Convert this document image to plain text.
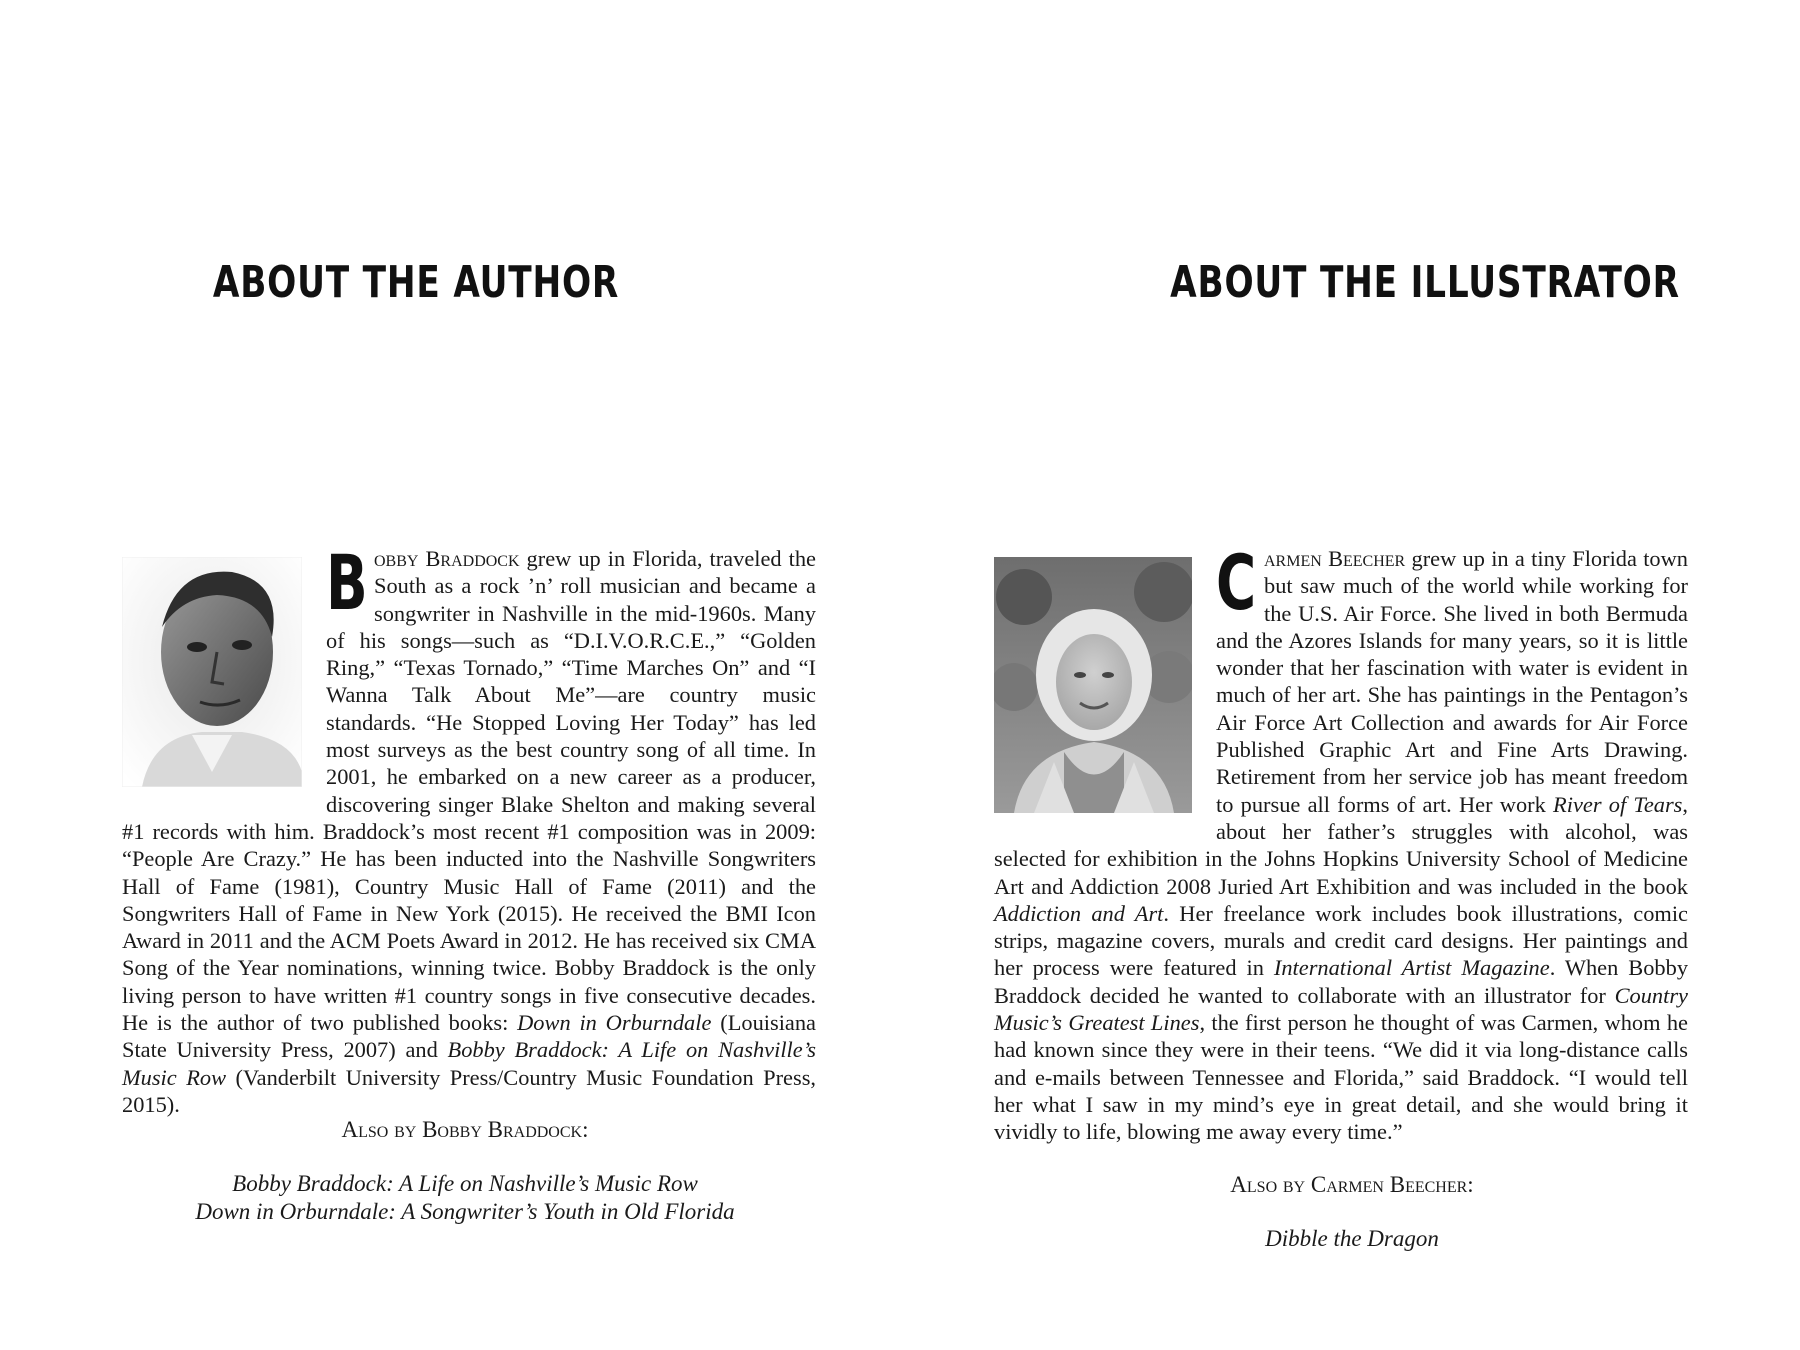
ABOUT THE AUTHOR

Bobby Braddock grew up in Florida, traveled the South as a rock ’n’ roll musician and became a songwriter in Nashville in the mid-1960s. Many of his songs—such as “D.I.V.O.R.C.E.,” “Golden Ring,” “Texas Tornado,” “Time Marches On” and “I Wanna Talk About Me”—are country music standards. “He Stopped Loving Her Today” has led most surveys as the best country song of all time. In 2001, he embarked on a new career as a producer, discovering singer Blake Shelton and making several #1 records with him. Braddock’s most recent #1 composition was in 2009: “People Are Crazy.” He has been inducted into the Nashville Songwriters Hall of Fame (1981), Country Music Hall of Fame (2011) and the Songwriters Hall of Fame in New York (2015). He received the BMI Icon Award in 2011 and the ACM Poets Award in 2012. He has received six CMA Song of the Year nominations, winning twice. Bobby Braddock is the only living person to have written #1 country songs in five consecutive decades. He is the author of two published books: Down in Orburndale (Louisiana State University Press, 2007) and Bobby Braddock: A Life on Nashville’s Music Row (Vanderbilt University Press/Country Music Foundation Press, 2015).

Also by Bobby Braddock:
Bobby Braddock: A Life on Nashville’s Music Row
Down in Orburndale: A Songwriter’s Youth in Old Florida
ABOUT THE ILLUSTRATOR

Carmen Beecher grew up in a tiny Florida town but saw much of the world while working for the U.S. Air Force. She lived in both Bermuda and the Azores Islands for many years, so it is little wonder that her fascination with water is evident in much of her art. She has paintings in the Pentagon’s Air Force Art Collection and awards for Air Force Published Graphic Art and Fine Arts Drawing. Retirement from her service job has meant freedom to pursue all forms of art. Her work River of Tears, about her father’s struggles with alcohol, was selected for exhibition in the Johns Hopkins University School of Medicine Art and Addiction 2008 Juried Art Exhibition and was included in the book Addiction and Art. Her freelance work includes book illustrations, comic strips, magazine covers, murals and credit card designs. Her paintings and her process were featured in International Artist Magazine. When Bobby Braddock decided he wanted to collaborate with an illustrator for Country Music’s Greatest Lines, the first person he thought of was Carmen, whom he had known since they were in their teens. “We did it via long-distance calls and e-mails between Tennessee and Florida,” said Braddock. “I would tell her what I saw in my mind’s eye in great detail, and she would bring it vividly to life, blowing me away every time.”

Also by Carmen Beecher:
Dibble the Dragon
